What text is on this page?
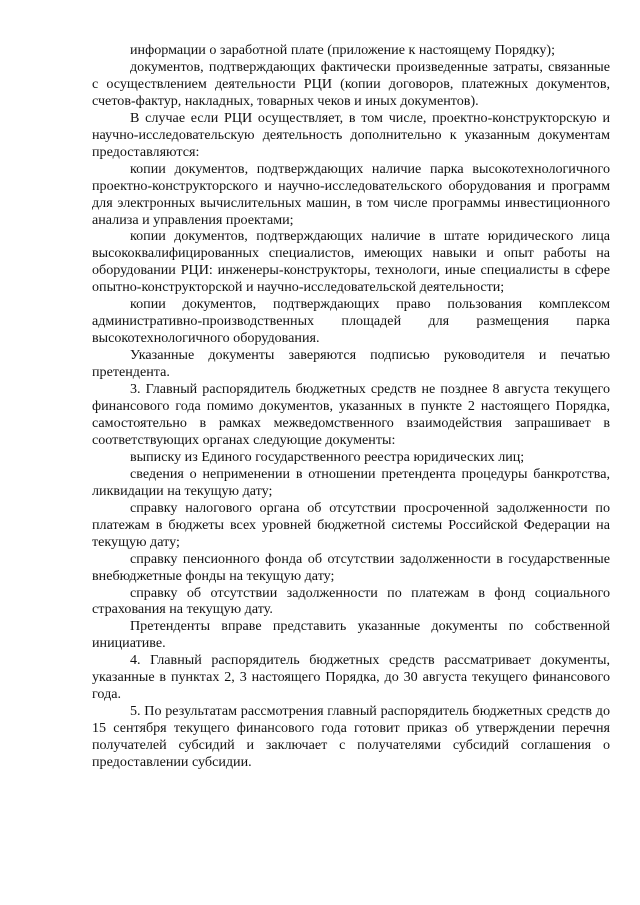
информации о заработной плате (приложение к настоящему Порядку);

документов, подтверждающих фактически произведенные затраты, связанные с осуществлением деятельности РЦИ (копии договоров, платежных документов, счетов-фактур, накладных, товарных чеков и иных документов).

В случае если РЦИ осуществляет, в том числе, проектно-конструкторскую и научно-исследовательскую деятельность дополнительно к указанным документам предоставляются:

копии документов, подтверждающих наличие парка высокотехнологичного проектно-конструкторского и научно-исследовательского оборудования и программ для электронных вычислительных машин, в том числе программы инвестиционного анализа и управления проектами;

копии документов, подтверждающих наличие в штате юридического лица высококвалифицированных специалистов, имеющих навыки и опыт работы на оборудовании РЦИ: инженеры-конструкторы, технологи, иные специалисты в сфере опытно-конструкторской и научно-исследовательской деятельности;

копии документов, подтверждающих право пользования комплексом административно-производственных площадей для размещения парка высокотехнологичного оборудования.

Указанные документы заверяются подписью руководителя и печатью претендента.

3. Главный распорядитель бюджетных средств не позднее 8 августа текущего финансового года помимо документов, указанных в пункте 2 настоящего Порядка, самостоятельно в рамках межведомственного взаимодействия запрашивает в соответствующих органах следующие документы:

выписку из Единого государственного реестра юридических лиц;

сведения о неприменении в отношении претендента процедуры банкротства, ликвидации на текущую дату;

справку налогового органа об отсутствии просроченной задолженности по платежам в бюджеты всех уровней бюджетной системы Российской Федерации на текущую дату;

справку пенсионного фонда об отсутствии задолженности в государственные внебюджетные фонды на текущую дату;

справку об отсутствии задолженности по платежам в фонд социального страхования на текущую дату.

Претенденты вправе представить указанные документы по собственной инициативе.

4. Главный распорядитель бюджетных средств рассматривает документы, указанные в пунктах 2, 3 настоящего Порядка, до 30 августа текущего финансового года.

5. По результатам рассмотрения главный распорядитель бюджетных средств до 15 сентября текущего финансового года готовит приказ об утверждении перечня получателей субсидий и заключает с получателями субсидий соглашения о предоставлении субсидии.
